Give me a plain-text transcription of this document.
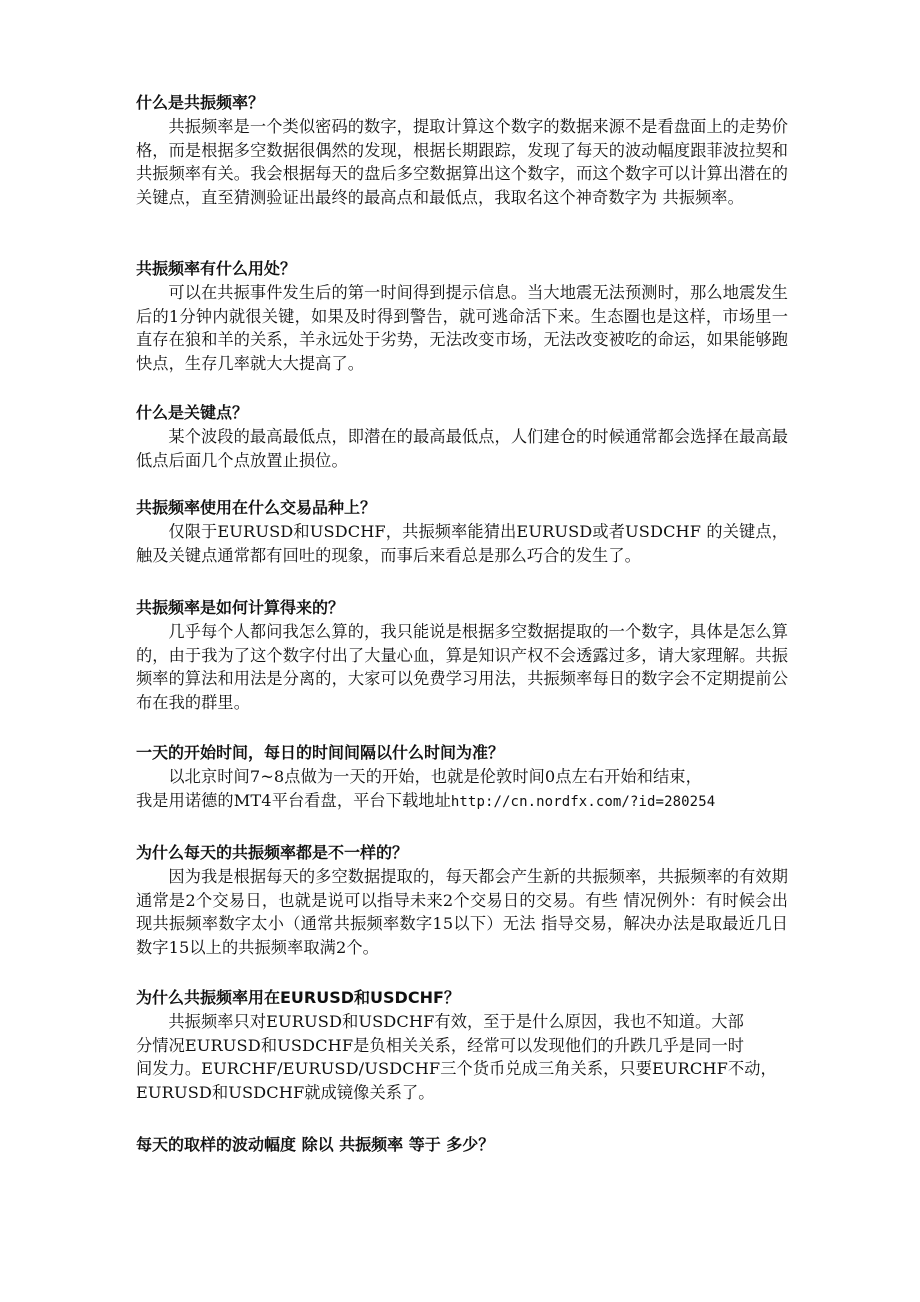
什么是共振频率？

共振频率是一个类似密码的数字，提取计算这个数字的数据来源不是看盘面上的走势价格，而是根据多空数据很偶然的发现，根据长期跟踪，发现了每天的波动幅度跟菲波拉契和共振频率有关。我会根据每天的盘后多空数据算出这个数字，而这个数字可以计算出潜在的关键点，直至猜测验证出最终的最高点和最低点，我取名这个神奇数字为 共振频率。

共振频率有什么用处？

可以在共振事件发生后的第一时间得到提示信息。当大地震无法预测时，那么地震发生后的1分钟内就很关键，如果及时得到警告，就可逃命活下来。生态圈也是这样，市场里一直存在狼和羊的关系，羊永远处于劣势，无法改变市场，无法改变被吃的命运，如果能够跑快点，生存几率就大大提高了。

什么是关键点？

某个波段的最高最低点，即潜在的最高最低点，人们建仓的时候通常都会选择在最高最低点后面几个点放置止损位。

共振频率使用在什么交易品种上？

仅限于EURUSD和USDCHF，共振频率能猜出EURUSD或者USDCHF 的关键点，触及关键点通常都有回吐的现象，而事后来看总是那么巧合的发生了。

共振频率是如何计算得来的？

几乎每个人都问我怎么算的，我只能说是根据多空数据提取的一个数字，具体是怎么算的，由于我为了这个数字付出了大量心血，算是知识产权不会透露过多，请大家理解。共振频率的算法和用法是分离的，大家可以免费学习用法，共振频率每日的数字会不定期提前公布在我的群里。

一天的开始时间，每日的时间间隔以什么时间为准？

以北京时间7~8点做为一天的开始，也就是伦敦时间0点左右开始和结束，

我是用诺德的MT4平台看盘，平台下载地址http://cn.nordfx.com/?id=280254

为什么每天的共振频率都是不一样的？

因为我是根据每天的多空数据提取的，每天都会产生新的共振频率，共振频率的有效期通常是2个交易日，也就是说可以指导未来2个交易日的交易。有些 情况例外：有时候会出现共振频率数字太小（通常共振频率数字15以下）无法 指导交易，解决办法是取最近几日数字15以上的共振频率取满2个。

为什么共振频率用在EURUSD和USDCHF？

共振频率只对EURUSD和USDCHF有效，至于是什么原因，我也不知道。大部

分情况EURUSD和USDCHF是负相关关系，经常可以发现他们的升跌几乎是同一时

间发力。EURCHF/EURUSD/USDCHF三个货币兑成三角关系，只要EURCHF不动，

EURUSD和USDCHF就成镜像关系了。

每天的取样的波动幅度 除以 共振频率 等于 多少？
